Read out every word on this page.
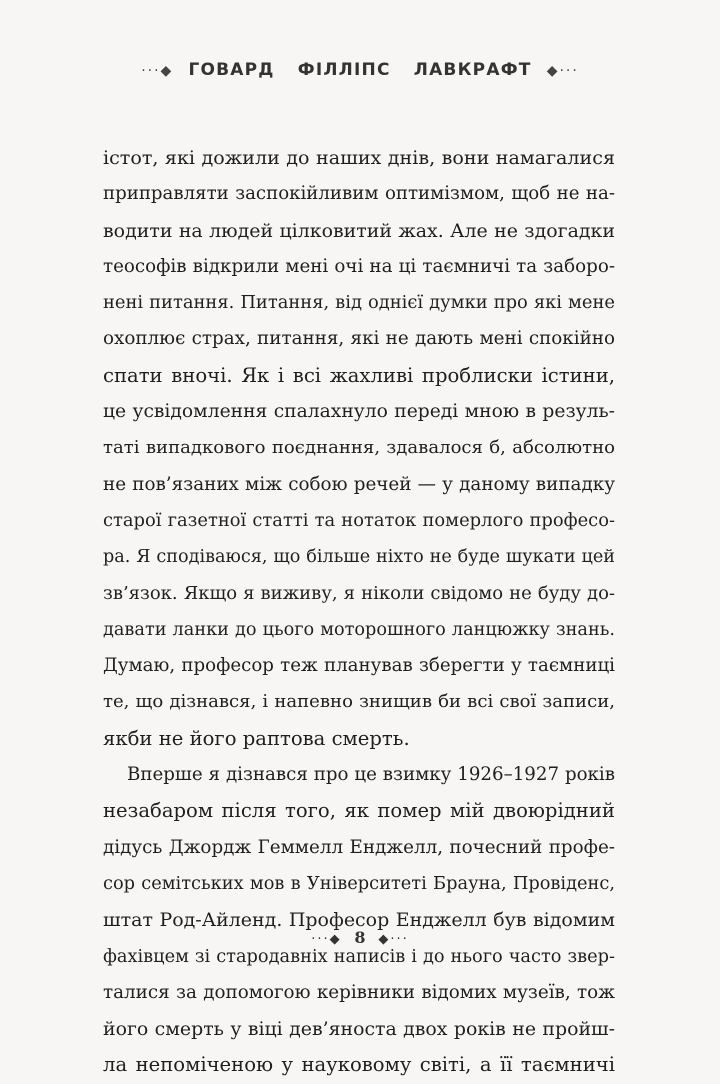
···◆ ГОВАРД ФІЛЛІПС ЛАВКРАФТ ◆···
істот, які дожили до наших днів, вони намагалися
приправляти заспокійливим оптимізмом, щоб не на-
водити на людей цілковитий жах. Але не здогадки
теософів відкрили мені очі на ці таємничі та заборо-
нені питання. Питання, від однієї думки про які мене
охоплює страх, питання, які не дають мені спокійно
спати вночі. Як і всі жахливі проблиски істини,
це усвідомлення спалахнуло переді мною в резуль-
таті випадкового поєднання, здавалося б, абсолютно
не пов’язаних між собою речей — у даному випадку
старої газетної статті та нотаток померлого професо-
ра. Я сподіваюся, що більше ніхто не буде шукати цей
зв’язок. Якщо я виживу, я ніколи свідомо не буду до-
давати ланки до цього моторошного ланцюжку знань.
Думаю, професор теж планував зберегти у таємниці
те, що дізнався, і напевно знищив би всі свої записи,
якби не його раптова смерть.
Вперше я дізнався про це взимку 1926–1927 років
незабаром після того, як помер мій двоюрідний
дідусь Джордж Геммелл Енджелл, почесний профе-
сор семітських мов в Університеті Брауна, Провіденс,
штат Род-Айленд. Професор Енджелл був відомим
фахівцем зі стародавніх написів і до нього часто звер-
талися за допомогою керівники відомих музеїв, тож
його смерть у віці дев’яноста двох років не пройш-
ла непоміченою у науковому світі, а її таємничі
···◆ 8 ◆···
